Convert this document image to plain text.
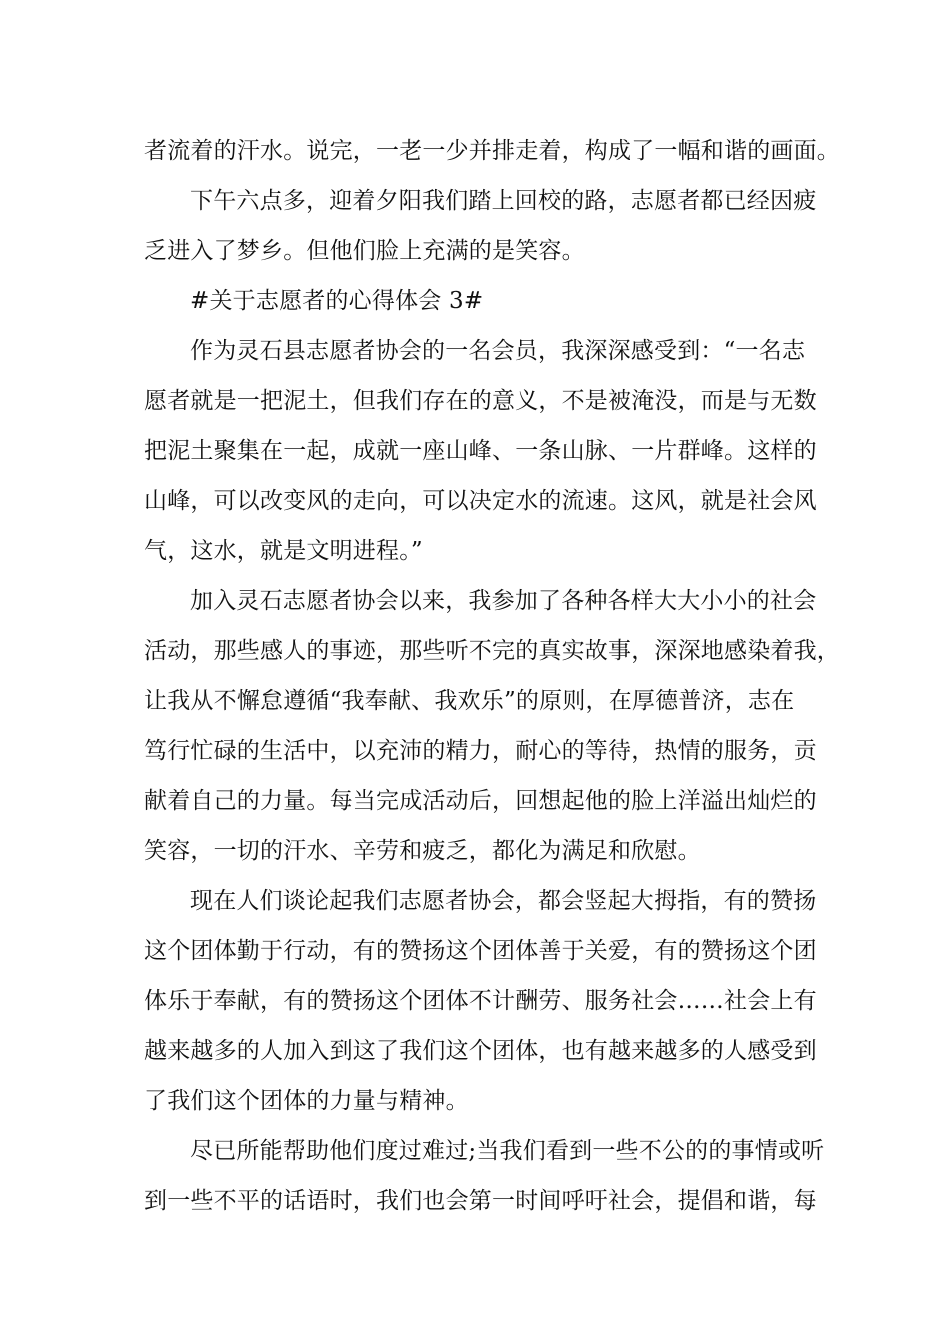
者流着的汗水。说完，一老一少并排走着，构成了一幅和谐的画面。
下午六点多，迎着夕阳我们踏上回校的路，志愿者都已经因疲
乏进入了梦乡。但他们脸上充满的是笑容。
#关于志愿者的心得体会 3#
作为灵石县志愿者协会的一名会员，我深深感受到：“一名志
愿者就是一把泥土，但我们存在的意义，不是被淹没，而是与无数
把泥土聚集在一起，成就一座山峰、一条山脉、一片群峰。这样的
山峰，可以改变风的走向，可以决定水的流速。这风，就是社会风
气，这水，就是文明进程。”
加入灵石志愿者协会以来，我参加了各种各样大大小小的社会
活动，那些感人的事迹，那些听不完的真实故事，深深地感染着我，
让我从不懈怠遵循“我奉献、我欢乐”的原则，在厚德普济，志在
笃行忙碌的生活中，以充沛的精力，耐心的等待，热情的服务，贡
献着自己的力量。每当完成活动后，回想起他的脸上洋溢出灿烂的
笑容，一切的汗水、辛劳和疲乏，都化为满足和欣慰。
现在人们谈论起我们志愿者协会，都会竖起大拇指，有的赞扬
这个团体勤于行动，有的赞扬这个团体善于关爱，有的赞扬这个团
体乐于奉献，有的赞扬这个团体不计酬劳、服务社会……社会上有
越来越多的人加入到这了我们这个团体，也有越来越多的人感受到
了我们这个团体的力量与精神。
尽已所能帮助他们度过难过;当我们看到一些不公的的事情或听
到一些不平的话语时，我们也会第一时间呼吁社会，提倡和谐，每
